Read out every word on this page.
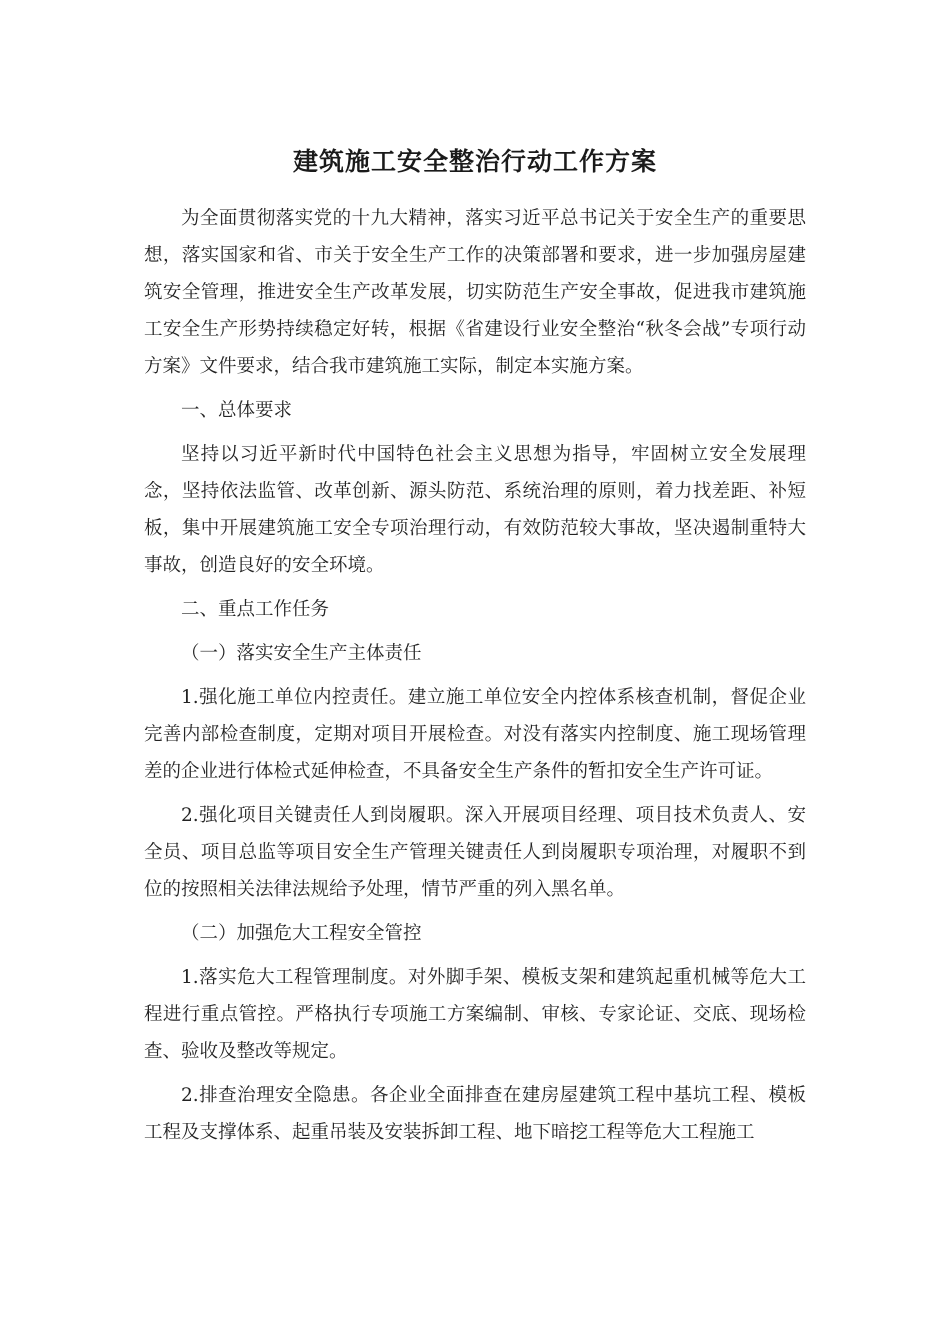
建筑施工安全整治行动工作方案

为全面贯彻落实党的十九大精神，落实习近平总书记关于安全生产的重要思想，落实国家和省、市关于安全生产工作的决策部署和要求，进一步加强房屋建筑安全管理，推进安全生产改革发展，切实防范生产安全事故，促进我市建筑施工安全生产形势持续稳定好转，根据《省建设行业安全整治“秋冬会战”专项行动方案》文件要求，结合我市建筑施工实际，制定本实施方案。

一、总体要求

坚持以习近平新时代中国特色社会主义思想为指导，牢固树立安全发展理念，坚持依法监管、改革创新、源头防范、系统治理的原则，着力找差距、补短板，集中开展建筑施工安全专项治理行动，有效防范较大事故，坚决遏制重特大事故，创造良好的安全环境。

二、重点工作任务

（一）落实安全生产主体责任

1.强化施工单位内控责任。建立施工单位安全内控体系核查机制，督促企业完善内部检查制度，定期对项目开展检查。对没有落实内控制度、施工现场管理差的企业进行体检式延伸检查，不具备安全生产条件的暂扣安全生产许可证。

2.强化项目关键责任人到岗履职。深入开展项目经理、项目技术负责人、安全员、项目总监等项目安全生产管理关键责任人到岗履职专项治理，对履职不到位的按照相关法律法规给予处理，情节严重的列入黑名单。

（二）加强危大工程安全管控

1.落实危大工程管理制度。对外脚手架、模板支架和建筑起重机械等危大工程进行重点管控。严格执行专项施工方案编制、审核、专家论证、交底、现场检查、验收及整改等规定。

2.排查治理安全隐患。各企业全面排查在建房屋建筑工程中基坑工程、模板工程及支撑体系、起重吊装及安装拆卸工程、地下暗挖工程等危大工程施工
